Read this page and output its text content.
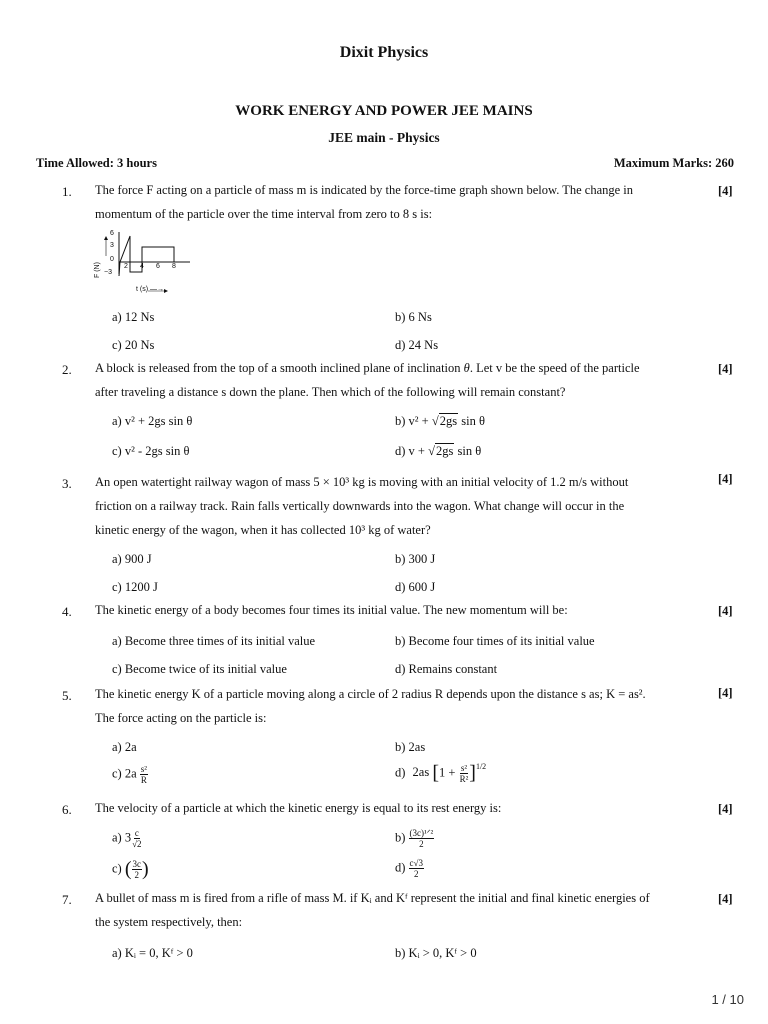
Dixit Physics
WORK ENERGY AND POWER JEE MAINS
JEE main - Physics
Time Allowed: 3 hours	Maximum Marks: 260
1. The force F acting on a particle of mass m is indicated by the force-time graph shown below. The change in
momentum of the particle over the time interval from zero to 8 s is:
[4]
F (N)
t (s) —→
6
3
0
−3
2 4 6 8
a) 12 Ns	b) 6 Ns
c) 20 Ns	d) 24 Ns
2. A block is released from the top of a smooth inclined plane of inclination θ. Let v be the speed of the particle
after traveling a distance s down the plane. Then which of the following will remain constant?
[4]
a) v² + 2gs sin θ	b) v² + √2gs sin θ
c) v² - 2gs sin θ	d) v + √2gs sin θ
3. An open watertight railway wagon of mass 5 × 10³ kg is moving with an initial velocity of 1.2 m/s without
friction on a railway track. Rain falls vertically downwards into the wagon. What change will occur in the
kinetic energy of the wagon, when it has collected 10³ kg of water?
[4]
a) 900 J	b) 300 J
c) 1200 J	d) 600 J
4. The kinetic energy of a body becomes four times its initial value. The new momentum will be:	[4]
a) Become three times of its initial value	b) Become four times of its initial value
c) Become twice of its initial value	d) Remains constant
5. The kinetic energy K of a particle moving along a circle of 2 radius R depends upon the distance s as; K = as².
The force acting on the particle is:
[4]
a) 2a	b) 2as
c) $2a \frac{\text{s²}}{R}$	d) 2as $[1 + \frac{\text{s²}}{\text{R²}} ]^{1/2}$
6. The velocity of a particle at which the kinetic energy is equal to its rest energy is:	[4]
a) $3 \frac{c}{√2}$	$b) \frac{\text{(3c)¹ᐟ²}}{2}$
c) ( $\frac{3c}{2}$ )	$d) \frac{c√3}{2}$
7. A bullet of mass m is fired from a rifle of mass M. if Kᵢ and Kᶠ represent the initial and final kinetic energies of
the system respectively, then:
[4]
a) Kᵢ = 0, Kᶠ > 0	b) Kᵢ > 0, Kᶠ > 0
1 / 10
